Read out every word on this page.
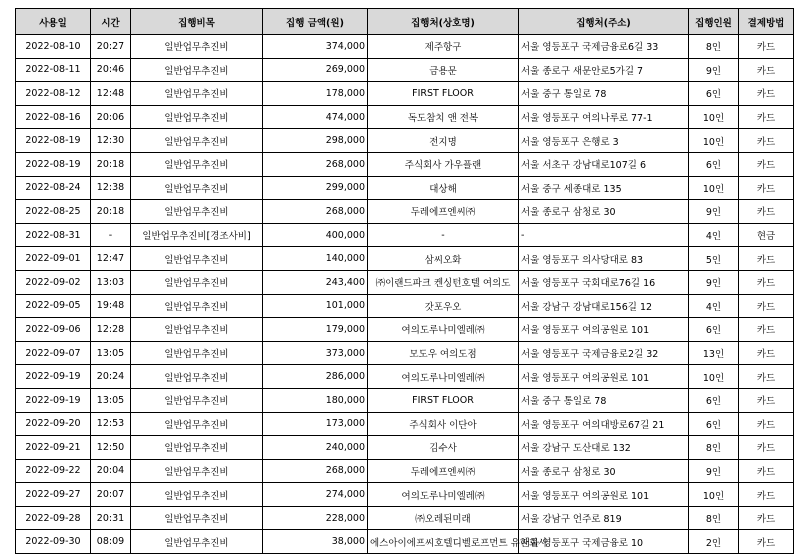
사용일	시간	집행비목	집행 금액(원)	집행처(상호명)	집행처(주소)	집행인원	결제방법
2022-08-10	20:27	일반업무추진비	374,000	제주항구	서울 영등포구 국제금융로6길 33	8인	카드
2022-08-11	20:46	일반업무추진비	269,000	금용문	서울 종로구 새문안로5가길 7	9인	카드
2022-08-12	12:48	일반업무추진비	178,000	FIRST FLOOR	서울 중구 통일로 78	6인	카드
2022-08-16	20:06	일반업무추진비	474,000	독도참치 앤 전복	서울 영등포구 여의나루로 77-1	10인	카드
2022-08-19	12:30	일반업무추진비	298,000	전지명	서울 영등포구 은행로 3	10인	카드
2022-08-19	20:18	일반업무추진비	268,000	주식회사 가우플랜	서울 서초구 강남대로107길 6	6인	카드
2022-08-24	12:38	일반업무추진비	299,000	대상해	서울 중구 세종대로 135	10인	카드
2022-08-25	20:18	일반업무추진비	268,000	두레에프엔씨㈜	서울 종로구 삼청로 30	9인	카드
2022-08-31	-	일반업무추진비[경조사비]	400,000	-	-	4인	현금
2022-09-01	12:47	일반업무추진비	140,000	삼씨오화	서울 영등포구 의사당대로 83	5인	카드
2022-09-02	13:03	일반업무추진비	243,400	㈜이랜드파크 켄싱턴호텔 여의도	서울 영등포구 국회대로76길 16	9인	카드
2022-09-05	19:48	일반업무추진비	101,000	갓포우오	서울 강남구 강남대로156길 12	4인	카드
2022-09-06	12:28	일반업무추진비	179,000	여의도루나미엘레㈜	서울 영등포구 여의공원로 101	6인	카드
2022-09-07	13:05	일반업무추진비	373,000	모도우 여의도점	서울 영등포구 국제금융로2길 32	13인	카드
2022-09-19	20:24	일반업무추진비	286,000	여의도루나미엘레㈜	서울 영등포구 여의공원로 101	10인	카드
2022-09-19	13:05	일반업무추진비	180,000	FIRST FLOOR	서울 중구 통일로 78	6인	카드
2022-09-20	12:53	일반업무추진비	173,000	주식회사 이단아	서울 영등포구 여의대방로67길 21	6인	카드
2022-09-21	12:50	일반업무추진비	240,000	김수사	서울 강남구 도산대로 132	8인	카드
2022-09-22	20:04	일반업무추진비	268,000	두레에프엔씨㈜	서울 종로구 삼청로 30	9인	카드
2022-09-27	20:07	일반업무추진비	274,000	여의도루나미엘레㈜	서울 영등포구 여의공원로 101	10인	카드
2022-09-28	20:31	일반업무추진비	228,000	㈜오레된미래	서울 강남구 언주로 819	8인	카드
2022-09-30	08:09	일반업무추진비	38,000	에스아이에프씨호텔디벨로프먼트 유한회사	서울 영등포구 국제금융로 10	2인	카드
